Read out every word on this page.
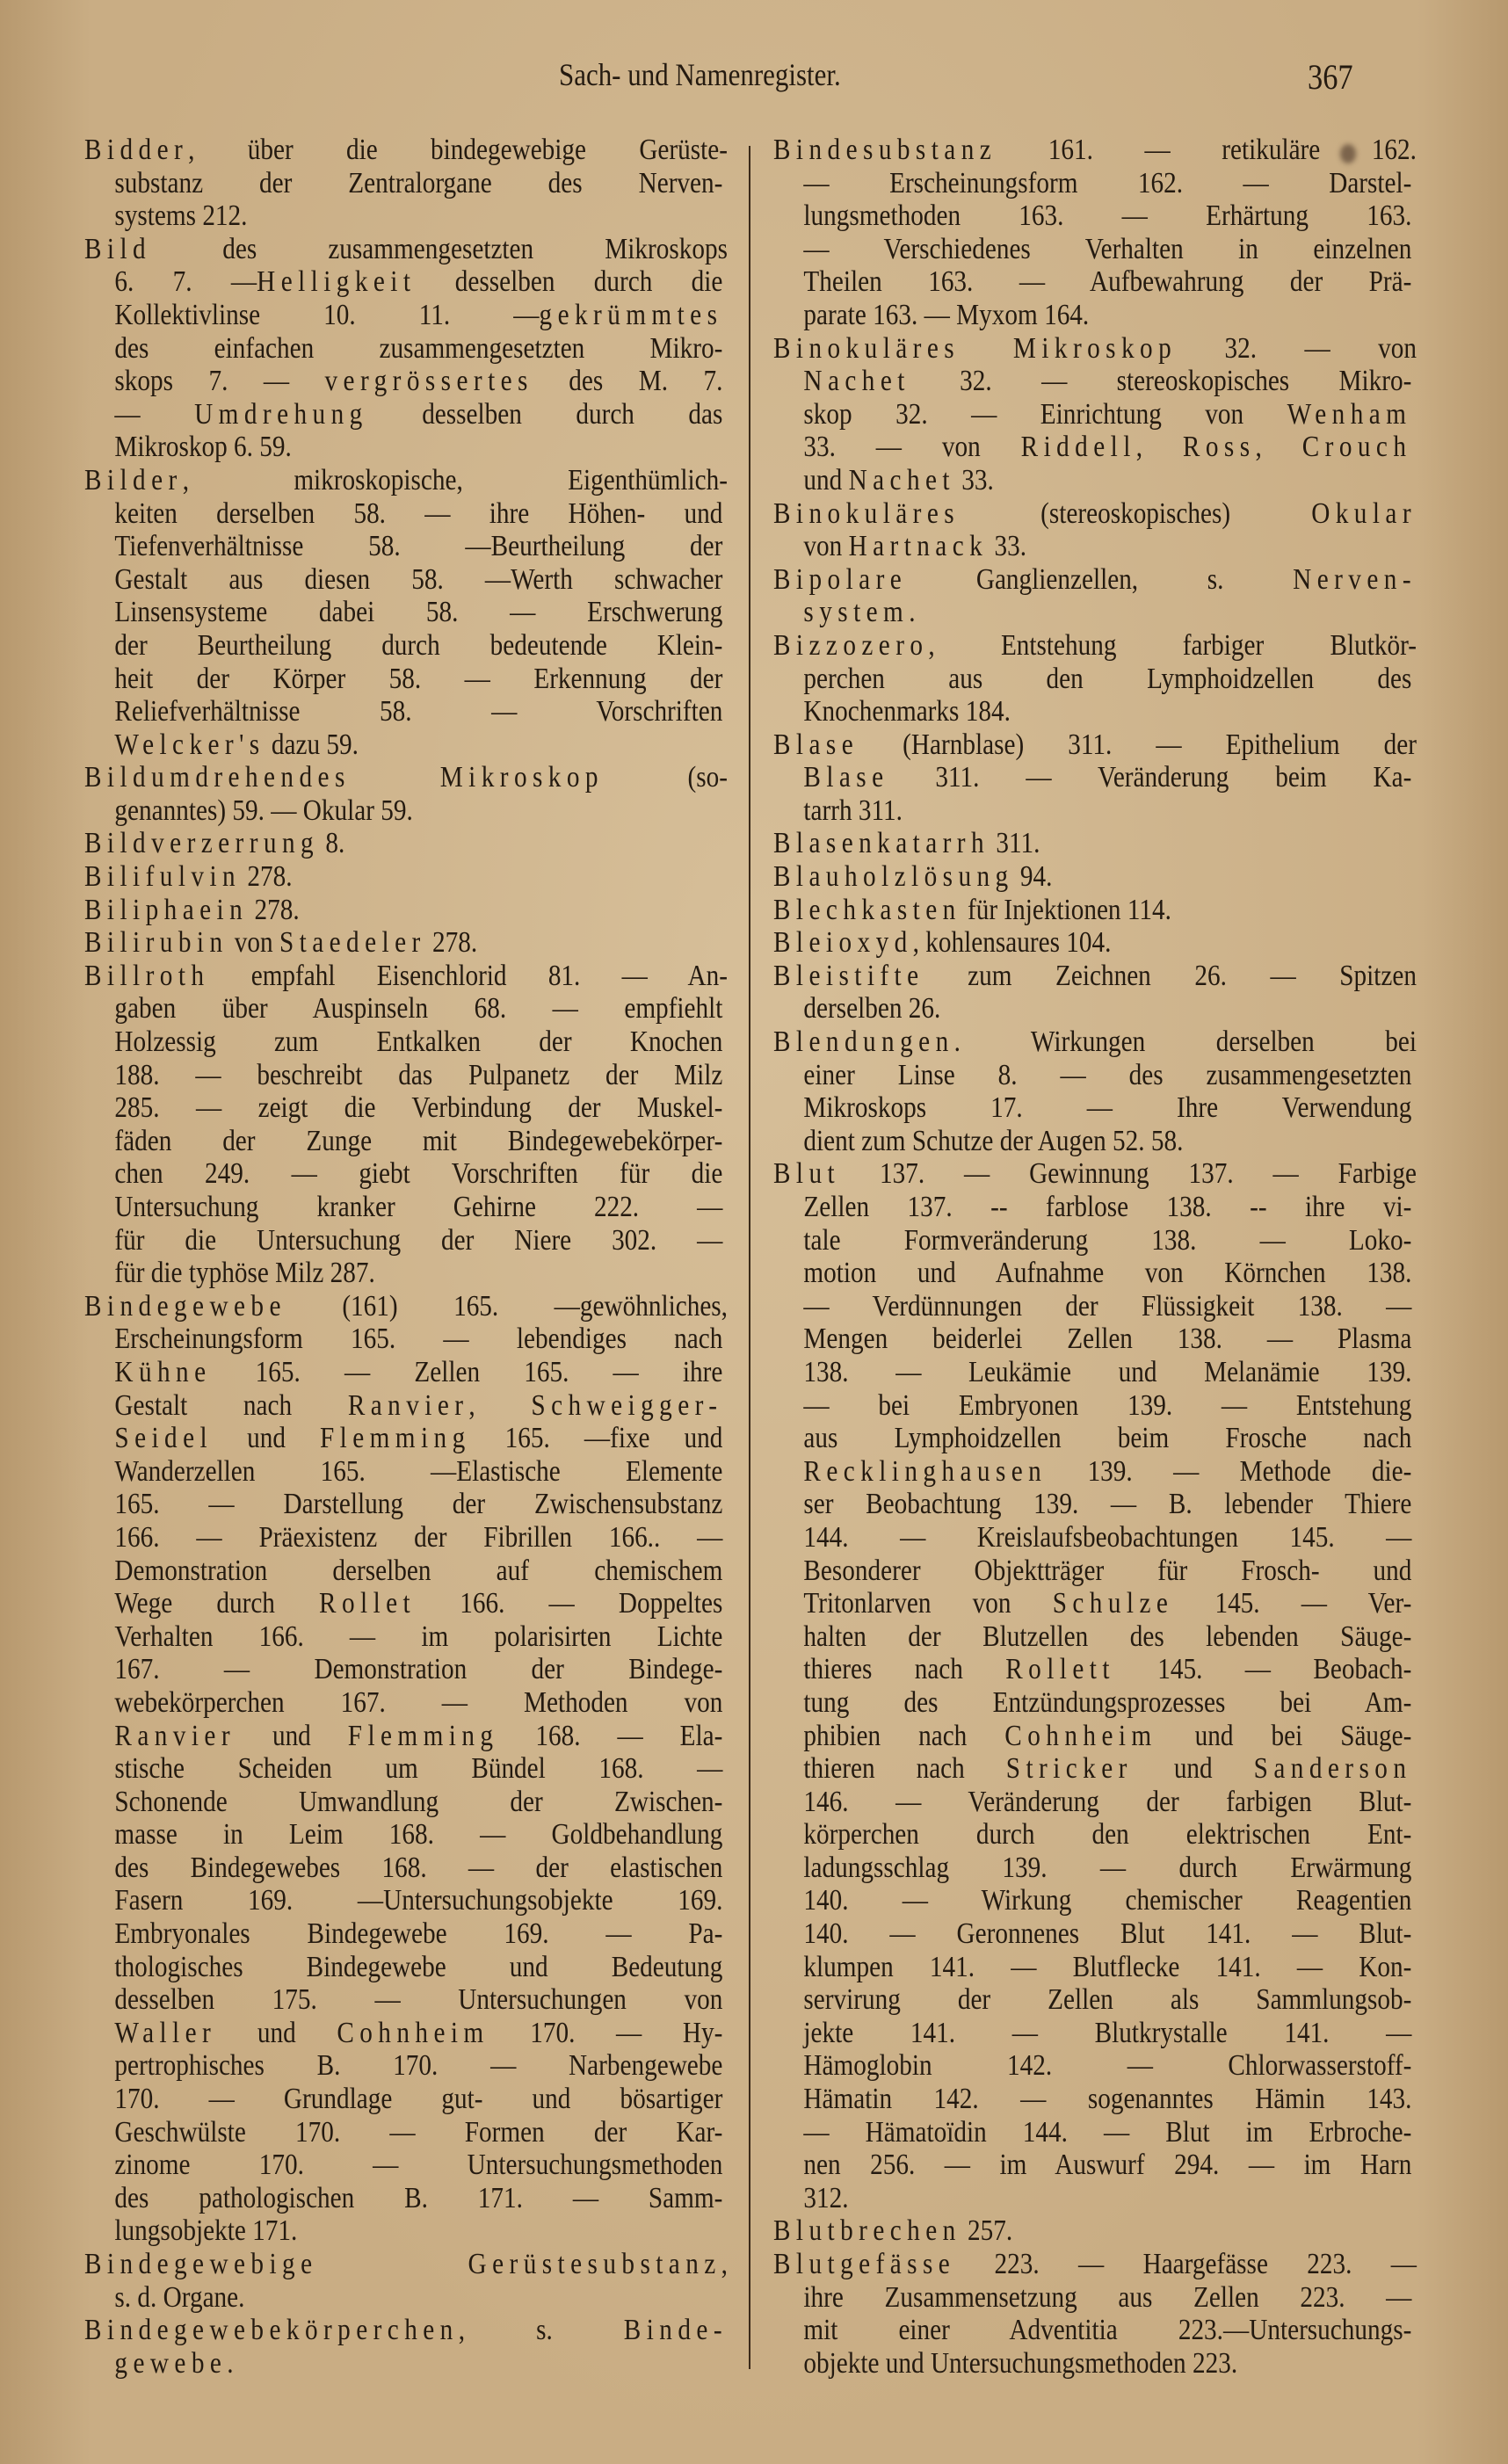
Sach- und Namenregister.	367
Bidder, über die bindegewebige Gerüste-
substanz der Zentralorgane des Nerven-
systems 212.
Bild des zusammengesetzten Mikroskops
6. 7. —Helligkeit desselben durch die
Kollektivlinse 10. 11. —gekrümmtes
des einfachen zusammengesetzten Mikro-
skops 7. — vergrössertes des M. 7.
— Umdrehung desselben durch das
Mikroskop 6. 59.
Bilder, mikroskopische, Eigenthümlich-
keiten derselben 58. — ihre Höhen- und
Tiefenverhältnisse 58. —Beurtheilung der
Gestalt aus diesen 58. —Werth schwacher
Linsensysteme dabei 58. — Erschwerung
der Beurtheilung durch bedeutende Klein-
heit der Körper 58. — Erkennung der
Reliefverhältnisse 58. — Vorschriften
Welcker's dazu 59.
Bildumdrehendes Mikroskop (so-
genanntes) 59. — Okular 59.
Bildverzerrung 8.
Bilifulvin 278.
Biliphaein 278.
Bilirubin von Staedeler 278.
Billroth empfahl Eisenchlorid 81. — An-
gaben über Auspinseln 68. — empfiehlt
Holzessig zum Entkalken der Knochen
188. — beschreibt das Pulpanetz der Milz
285. — zeigt die Verbindung der Muskel-
fäden der Zunge mit Bindegewebekörper-
chen 249. — giebt Vorschriften für die
Untersuchung kranker Gehirne 222. —
für die Untersuchung der Niere 302. —
für die typhöse Milz 287.
Bindegewebe (161) 165. —gewöhnliches,
Erscheinungsform 165. — lebendiges nach
Kühne 165. — Zellen 165. — ihre
Gestalt nach Ranvier, Schweigger-
Seidel und Flemming 165. —fixe und
Wanderzellen 165. —Elastische Elemente
165. — Darstellung der Zwischensubstanz
166. — Präexistenz der Fibrillen 166.. —
Demonstration derselben auf chemischem
Wege durch Rollet 166. — Doppeltes
Verhalten 166. — im polarisirten Lichte
167. — Demonstration der Bindege-
webekörperchen 167. — Methoden von
Ranvier und Flemming 168. — Ela-
stische Scheiden um Bündel 168. —
Schonende Umwandlung der Zwischen-
masse in Leim 168. — Goldbehandlung
des Bindegewebes 168. — der elastischen
Fasern 169. —Untersuchungsobjekte 169.
Embryonales Bindegewebe 169. — Pa-
thologisches Bindegewebe und Bedeutung
desselben 175. — Untersuchungen von
Waller und Cohnheim 170. — Hy-
pertrophisches B. 170. — Narbengewebe
170. — Grundlage gut- und bösartiger
Geschwülste 170. — Formen der Kar-
zinome 170. — Untersuchungsmethoden
des pathologischen B. 171. — Samm-
lungsobjekte 171.
Bindegewebige Gerüstesubstanz,
s. d. Organe.
Bindegewebekörperchen, s. Binde-
gewebe.
Bindesubstanz 161. — retikuläre 162.
— Erscheinungsform 162. — Darstel-
lungsmethoden 163. — Erhärtung 163.
— Verschiedenes Verhalten in einzelnen
Theilen 163. — Aufbewahrung der Prä-
parate 163. — Myxom 164.
Binokuläres Mikroskop 32. — von
Nachet 32. — stereoskopisches Mikro-
skop 32. — Einrichtung von Wenham
33. — von Riddell, Ross, Crouch
und Nachet 33.
Binokuläres (stereoskopisches) Okular
von Hartnack 33.
Bipolare Ganglienzellen, s. Nerven-
system.
Bizzozero, Entstehung farbiger Blutkör-
perchen aus den Lymphoidzellen des
Knochenmarks 184.
Blase (Harnblase) 311. — Epithelium der
Blase 311. — Veränderung beim Ka-
tarrh 311.
Blasenkatarrh 311.
Blauholzlösung 94.
Blechkasten für Injektionen 114.
Bleioxyd, kohlensaures 104.
Bleistifte zum Zeichnen 26. — Spitzen
derselben 26.
Blendungen. Wirkungen derselben bei
einer Linse 8. — des zusammengesetzten
Mikroskops 17. — Ihre Verwendung
dient zum Schutze der Augen 52. 58.
Blut 137. — Gewinnung 137. — Farbige
Zellen 137. -- farblose 138. -- ihre vi-
tale Formveränderung 138. — Loko-
motion und Aufnahme von Körnchen 138.
— Verdünnungen der Flüssigkeit 138. —
Mengen beiderlei Zellen 138. — Plasma
138. — Leukämie und Melanämie 139.
— bei Embryonen 139. — Entstehung
aus Lymphoidzellen beim Frosche nach
Recklinghausen 139. — Methode die-
ser Beobachtung 139. — B. lebender Thiere
144. — Kreislaufsbeobachtungen 145. —
Besonderer Objektträger für Frosch- und
Tritonlarven von Schulze 145. — Ver-
halten der Blutzellen des lebenden Säuge-
thieres nach Rollett 145. — Beobach-
tung des Entzündungsprozesses bei Am-
phibien nach Cohnheim und bei Säuge-
thieren nach Stricker und Sanderson
146. — Veränderung der farbigen Blut-
körperchen durch den elektrischen Ent-
ladungsschlag 139. — durch Erwärmung
140. — Wirkung chemischer Reagentien
140. — Geronnenes Blut 141. — Blut-
klumpen 141. — Blutflecke 141. — Kon-
servirung der Zellen als Sammlungsob-
jekte 141. — Blutkrystalle 141. —
Hämoglobin 142. — Chlorwasserstoff-
Hämatin 142. — sogenanntes Hämin 143.
— Hämatoïdin 144. — Blut im Erbroche-
nen 256. — im Auswurf 294. — im Harn
312.
Blutbrechen 257.
Blutgefässe 223. — Haargefässe 223. —
ihre Zusammensetzung aus Zellen 223. —
mit einer Adventitia 223.—Untersuchungs-
objekte und Untersuchungsmethoden 223.
